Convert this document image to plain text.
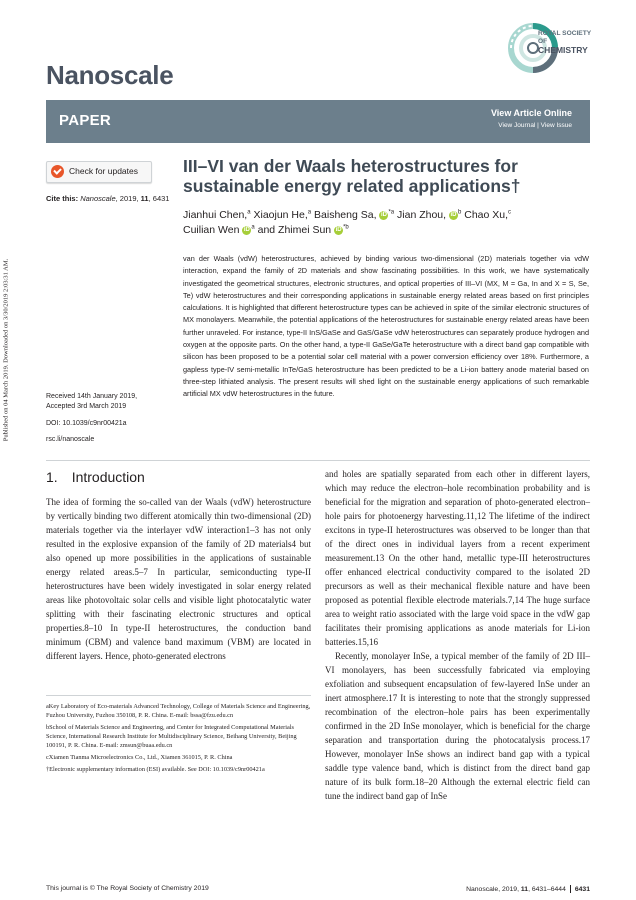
Published on 04 March 2019. Downloaded on 3/30/2019 2:03:31 AM.
Nanoscale
ROYAL SOCIETY
OF
CHEMISTRY
PAPER	View Article Online
View Journal | View Issue
Check for updates
Cite this: Nanoscale, 2019, 11, 6431
III–VI van der Waals heterostructures for sustainable energy related applications†
Jianhui Chen,$^a$ Xiaojun He,$^a$ Baisheng Sa, iD $^{*a}$ Jian Zhou, iD $^b$ Chao Xu,$^c$
Cuilian Wen iD $^a$ and Zhimei Sun iD $^{*b}$
van der Waals (vdW) heterostructures, achieved by binding various two-dimensional (2D) materials together via vdW interaction, expand the family of 2D materials and show fascinating possibilities. In this work, we have systematically investigated the geometrical structures, electronic structures, and optical properties of III–VI (MX, M = Ga, In and X = S, Se, Te) vdW heterostructures and their corresponding applications in sustainable energy related areas based on first principles calculations. It is highlighted that different heterostructure types can be achieved in spite of the similar electronic structures of MX monolayers. Meanwhile, the potential applications of the heterostructures for sustainable energy related areas have been further unraveled. For instance, type-II InS/GaSe and GaS/GaSe vdW heterostructures can separately produce hydrogen and oxygen at the opposite parts. On the other hand, a type-II GaSe/GaTe heterostructure with a direct band gap compatible with silicon has been proposed to be a potential solar cell material with a power conversion efficiency over 18%. Furthermore, a gapless type-IV semi-metallic InTe/GaS heterostructure has been predicted to be a Li-ion battery anode material based on three-step lithiated analysis. The present results will shed light on the sustainable energy applications of such remarkable artificial MX vdW heterostructures in the future.
Received 14th January 2019,
Accepted 3rd March 2019
DOI: 10.1039/c9nr00421a
rsc.li/nanoscale
1. Introduction

The idea of forming the so-called van der Waals (vdW) heterostructure by vertically binding two different atomically thin two-dimensional (2D) materials together via the interlayer vdW interaction1–3 has not only resulted in the explosive expansion of the family of 2D materials4 but also opened up more possibilities in the applications of sustainable energy related areas.5–7 In particular, semiconducting type-II heterostructures have been widely investigated in solar energy related areas like photovoltaic solar cells and visible light photocatalytic water splitting with their fascinating electronic structures and optical properties.8–10 In type-II heterostructures, the conduction band minimum (CBM) and valence band maximum (VBM) are located in different layers. Hence, photo-generated electrons

and holes are spatially separated from each other in different layers, which may reduce the electron–hole recombination probability and is beneficial for the migration and separation of photo-generated electron–hole pairs for photoenergy harvesting.11,12 The lifetime of the indirect excitons in type-II heterostructures was observed to be longer than that of the direct ones in individual layers from a recent experiment measurement.13 On the other hand, metallic type-III heterostructures offer enhanced electrical conductivity compared to the isolated 2D precursors as well as their mechanical flexible nature and have been proposed as potential flexible electrode materials.7,14 The huge surface area to weight ratio associated with the large void space in the vdW gap facilitates their promising applications as anode materials for Li-ion batteries.15,16

Recently, monolayer InSe, a typical member of the family of 2D III–VI monolayers, has been successfully fabricated via employing exfoliation and subsequent encapsulation of few-layered InSe under an inert atmosphere.17 It is interesting to note that the strongly suppressed recombination of the electron–hole pairs has been experimentally confirmed in the 2D InSe monolayer, which is beneficial for the charge separation and transportation during the photocatalysis process.17 However, monolayer InSe shows an indirect band gap with a typical saddle type valence band, which is distinct from the direct band gap nature of its bulk form.18–20 Although the external electric field can tune the indirect band gap of InSe

aKey Laboratory of Eco-materials Advanced Technology, College of Materials Science and Engineering, Fuzhou University, Fuzhou 350108, P. R. China. E-mail: bssa@fzu.edu.cn

bSchool of Materials Science and Engineering, and Center for Integrated Computational Materials Science, International Research Institute for Multidisciplinary Science, Beihang University, Beijing 100191, P. R. China. E-mail: zmsun@buaa.edu.cn

cXiamen Tianma Microelectronics Co., Ltd., Xiamen 361015, P. R. China

†Electronic supplementary information (ESI) available. See DOI: 10.1039/c9nr00421a

This journal is © The Royal Society of Chemistry 2019	Nanoscale, 2019, 11, 6431–6444 6431
